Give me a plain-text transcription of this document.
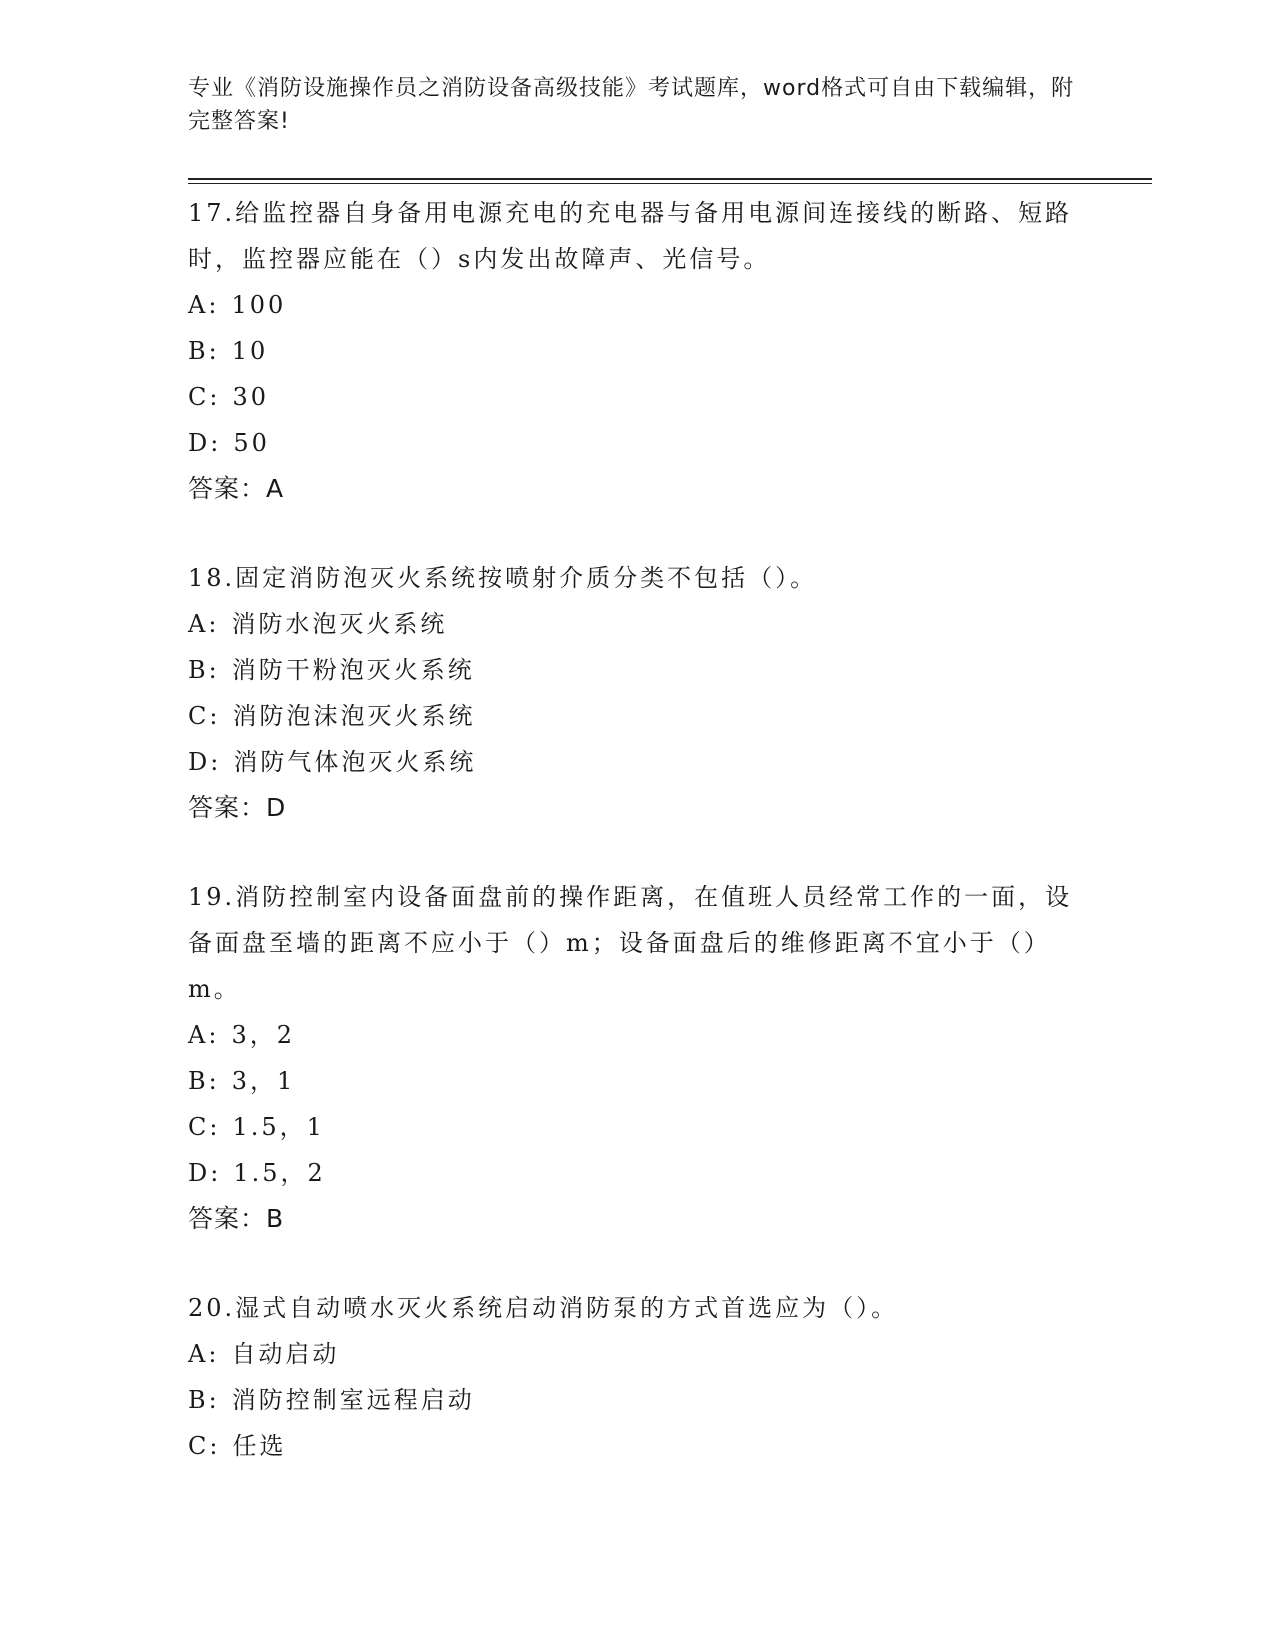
专业《消防设施操作员之消防设备高级技能》考试题库，word格式可自由下载编辑，附完整答案!

17.给监控器自身备用电源充电的充电器与备用电源间连接线的断路、短路时，监控器应能在（）s内发出故障声、光信号。

A: 100
B: 10
C: 30
D: 50

答案：A

18.固定消防泡灭火系统按喷射介质分类不包括（）。

A: 消防水泡灭火系统
B: 消防干粉泡灭火系统
C: 消防泡沫泡灭火系统
D: 消防气体泡灭火系统

答案：D

19.消防控制室内设备面盘前的操作距离，在值班人员经常工作的一面，设备面盘至墙的距离不应小于（）m；设备面盘后的维修距离不宜小于（）m。

A: 3，2
B: 3，1
C: 1.5，1
D: 1.5，2

答案：B

20.湿式自动喷水灭火系统启动消防泵的方式首选应为（）。

A: 自动启动
B: 消防控制室远程启动
C: 任选
